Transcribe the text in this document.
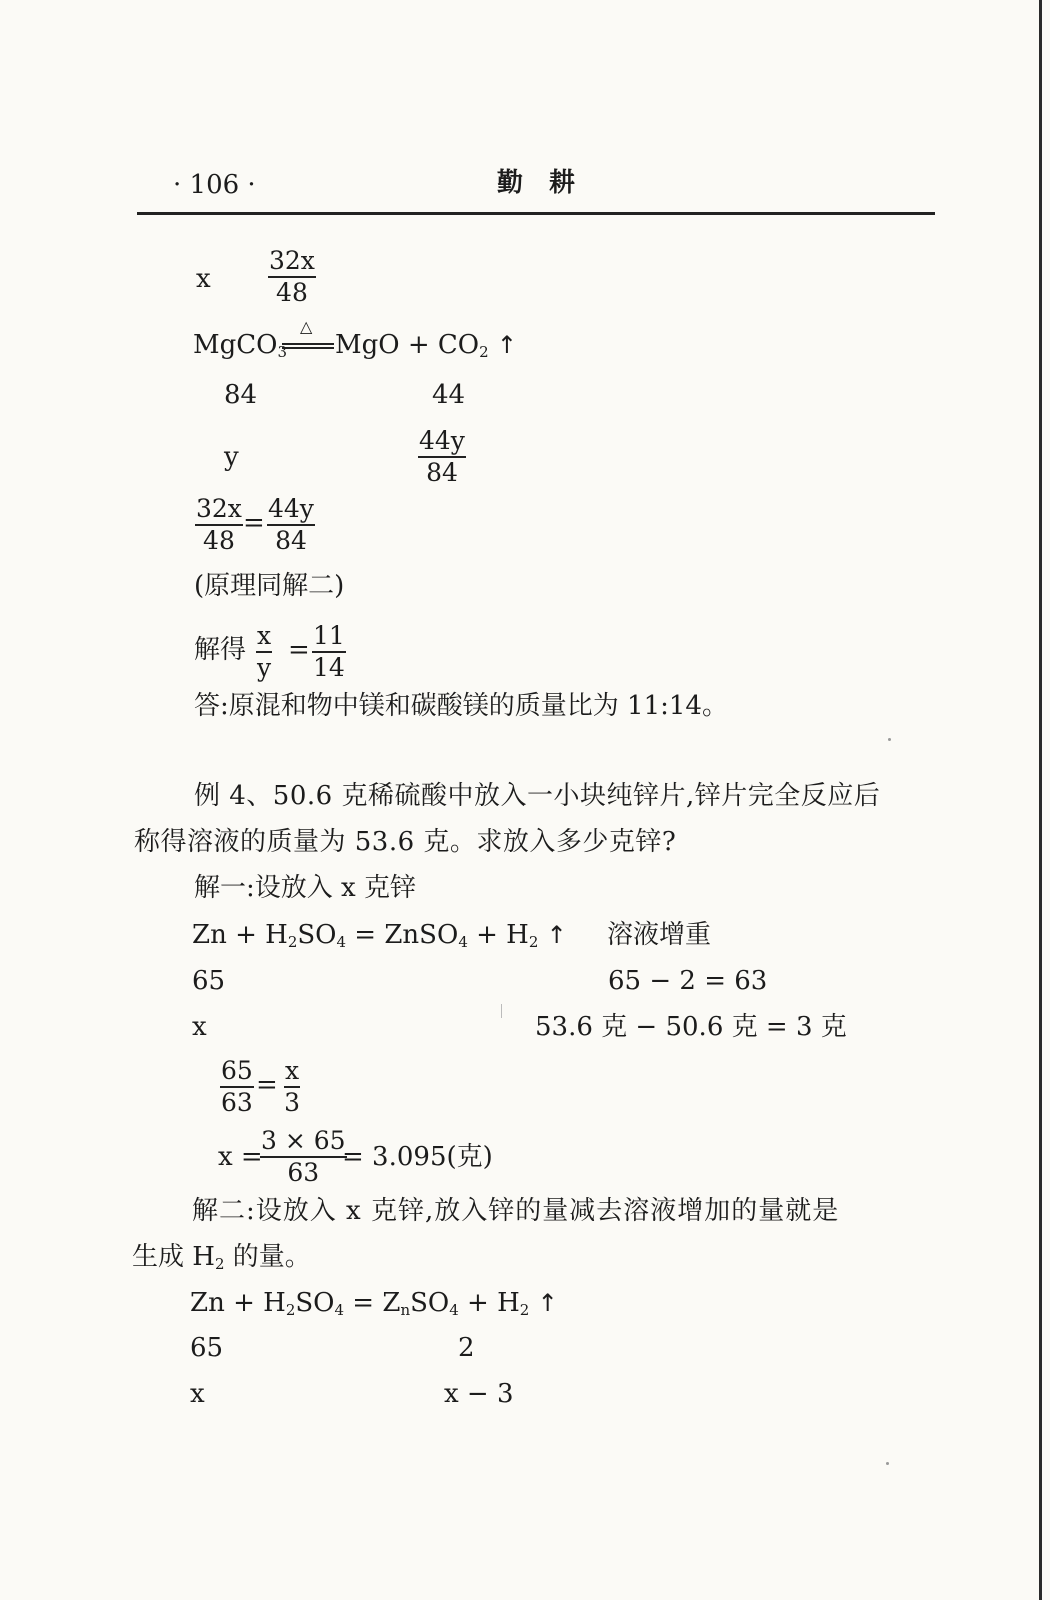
· 106 ·	勤　耕
x $\frac{32x}{48}$
△
MgCO$_3$ MgO + $CO_2$ ↑
84	44
y	$\frac{44y}{84}$
$\frac{32x}{48} = \frac{44y}{84}$
(原理同解二)
解得 $\frac{x}{y} = \frac{11}{14}$
答:原混和物中镁和碳酸镁的质量比为 11:14。
例 4、50.6 克稀硫酸中放入一小块纯锌片,锌片完全反应后
称得溶液的质量为 53.6 克。求放入多少克锌?
解一:设放入 x 克锌
$Zn + H_2SO_4$ = ZnSO$_4$ + $H_2$ ↑ 溶液增重
65	65 − 2 = 63
x	53.6 克 − 50.6 克 = 3 克
$\frac{65}{63} = \frac{x}{3}$
x =
$\frac{3 \times 65}{63}$
= 3.095(克)
解二:设放入 x 克锌,放入锌的量减去溶液增加的量就是
生成 $H_2$ 的量。
$Zn + H_2SO_4 = Z_nSO_4 + H_2$ ↑
65	2
x	x − 3
